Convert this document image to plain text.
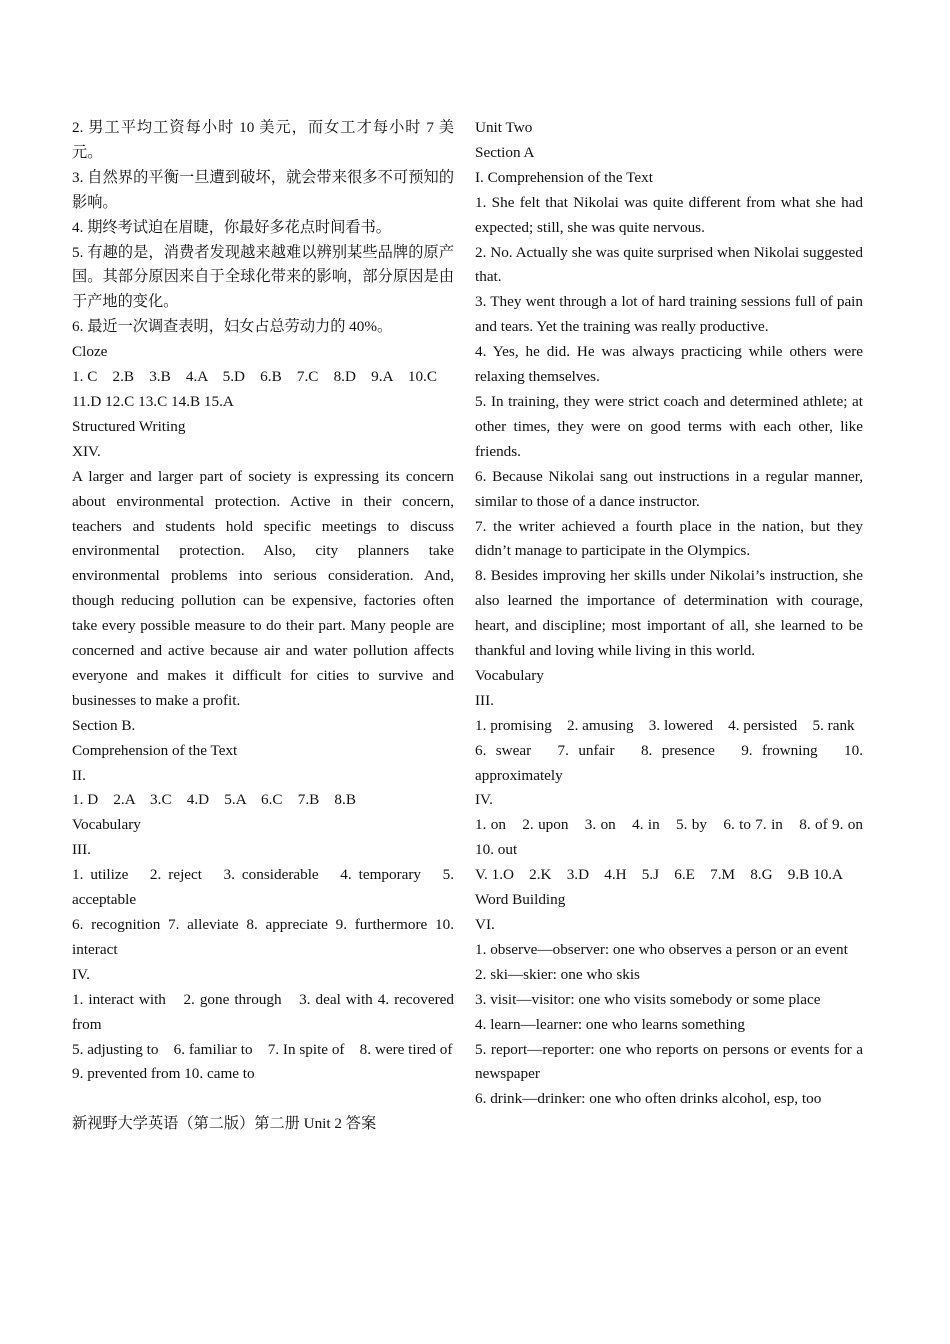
2. 男工平均工资每小时 10 美元，而女工才每小时 7 美元。

3. 自然界的平衡一旦遭到破坏，就会带来很多不可预知的影响。

4. 期终考试迫在眉睫，你最好多花点时间看书。

5. 有趣的是，消费者发现越来越难以辨别某些品牌的原产国。其部分原因来自于全球化带来的影响，部分原因是由于产地的变化。

6. 最近一次调查表明，妇女占总劳动力的 40%。

Cloze

1. C　2.B　3.B　4.A　5.D　6.B　7.C　8.D　9.A　10.C

11.D 12.C 13.C 14.B 15.A

Structured Writing

XIV.

A larger and larger part of society is expressing its concern about environmental protection. Active in their concern, teachers and students hold specific meetings to discuss environmental protection. Also, city planners take environmental problems into serious consideration. And, though reducing pollution can be expensive, factories often take every possible measure to do their part. Many people are concerned and active because air and water pollution affects everyone and makes it difficult for cities to survive and businesses to make a profit.

Section B.

Comprehension of the Text

II.

1. D　2.A　3.C　4.D　5.A　6.C　7.B　8.B

Vocabulary

III.

1. utilize　2. reject　3. considerable　4. temporary　5. acceptable

6. recognition 7. alleviate 8. appreciate 9. furthermore 10. interact

IV.

1. interact with　2. gone through　3. deal with 4. recovered from

5. adjusting to　6. familiar to　7. In spite of　8. were tired of

9. prevented from 10. came to

新视野大学英语（第二版）第二册 Unit 2 答案

Unit Two

Section A

I. Comprehension of the Text

1. She felt that Nikolai was quite different from what she had expected; still, she was quite nervous.

2. No. Actually she was quite surprised when Nikolai suggested that.

3. They went through a lot of hard training sessions full of pain and tears. Yet the training was really productive.

4. Yes, he did. He was always practicing while others were relaxing themselves.

5. In training, they were strict coach and determined athlete; at other times, they were on good terms with each other, like friends.

6. Because Nikolai sang out instructions in a regular manner, similar to those of a dance instructor.

7. the writer achieved a fourth place in the nation, but they didn’t manage to participate in the Olympics.

8. Besides improving her skills under Nikolai’s instruction, she also learned the importance of determination with courage, heart, and discipline; most important of all, she learned to be thankful and loving while living in this world.

Vocabulary

III.

1. promising　2. amusing　3. lowered　4. persisted　5. rank

6. swear　7. unfair　8. presence　9. frowning　10. approximately

IV.

1. on　2. upon　3. on　4. in　5. by　6. to 7. in　8. of 9. on 10. out

V. 1.O　2.K　3.D　4.H　5.J　6.E　7.M　8.G　9.B 10.A

Word Building

VI.

1. observe—observer: one who observes a person or an event

2. ski—skier: one who skis

3. visit—visitor: one who visits somebody or some place

4. learn—learner: one who learns something

5. report—reporter: one who reports on persons or events for a newspaper

6. drink—drinker: one who often drinks alcohol, esp, too
